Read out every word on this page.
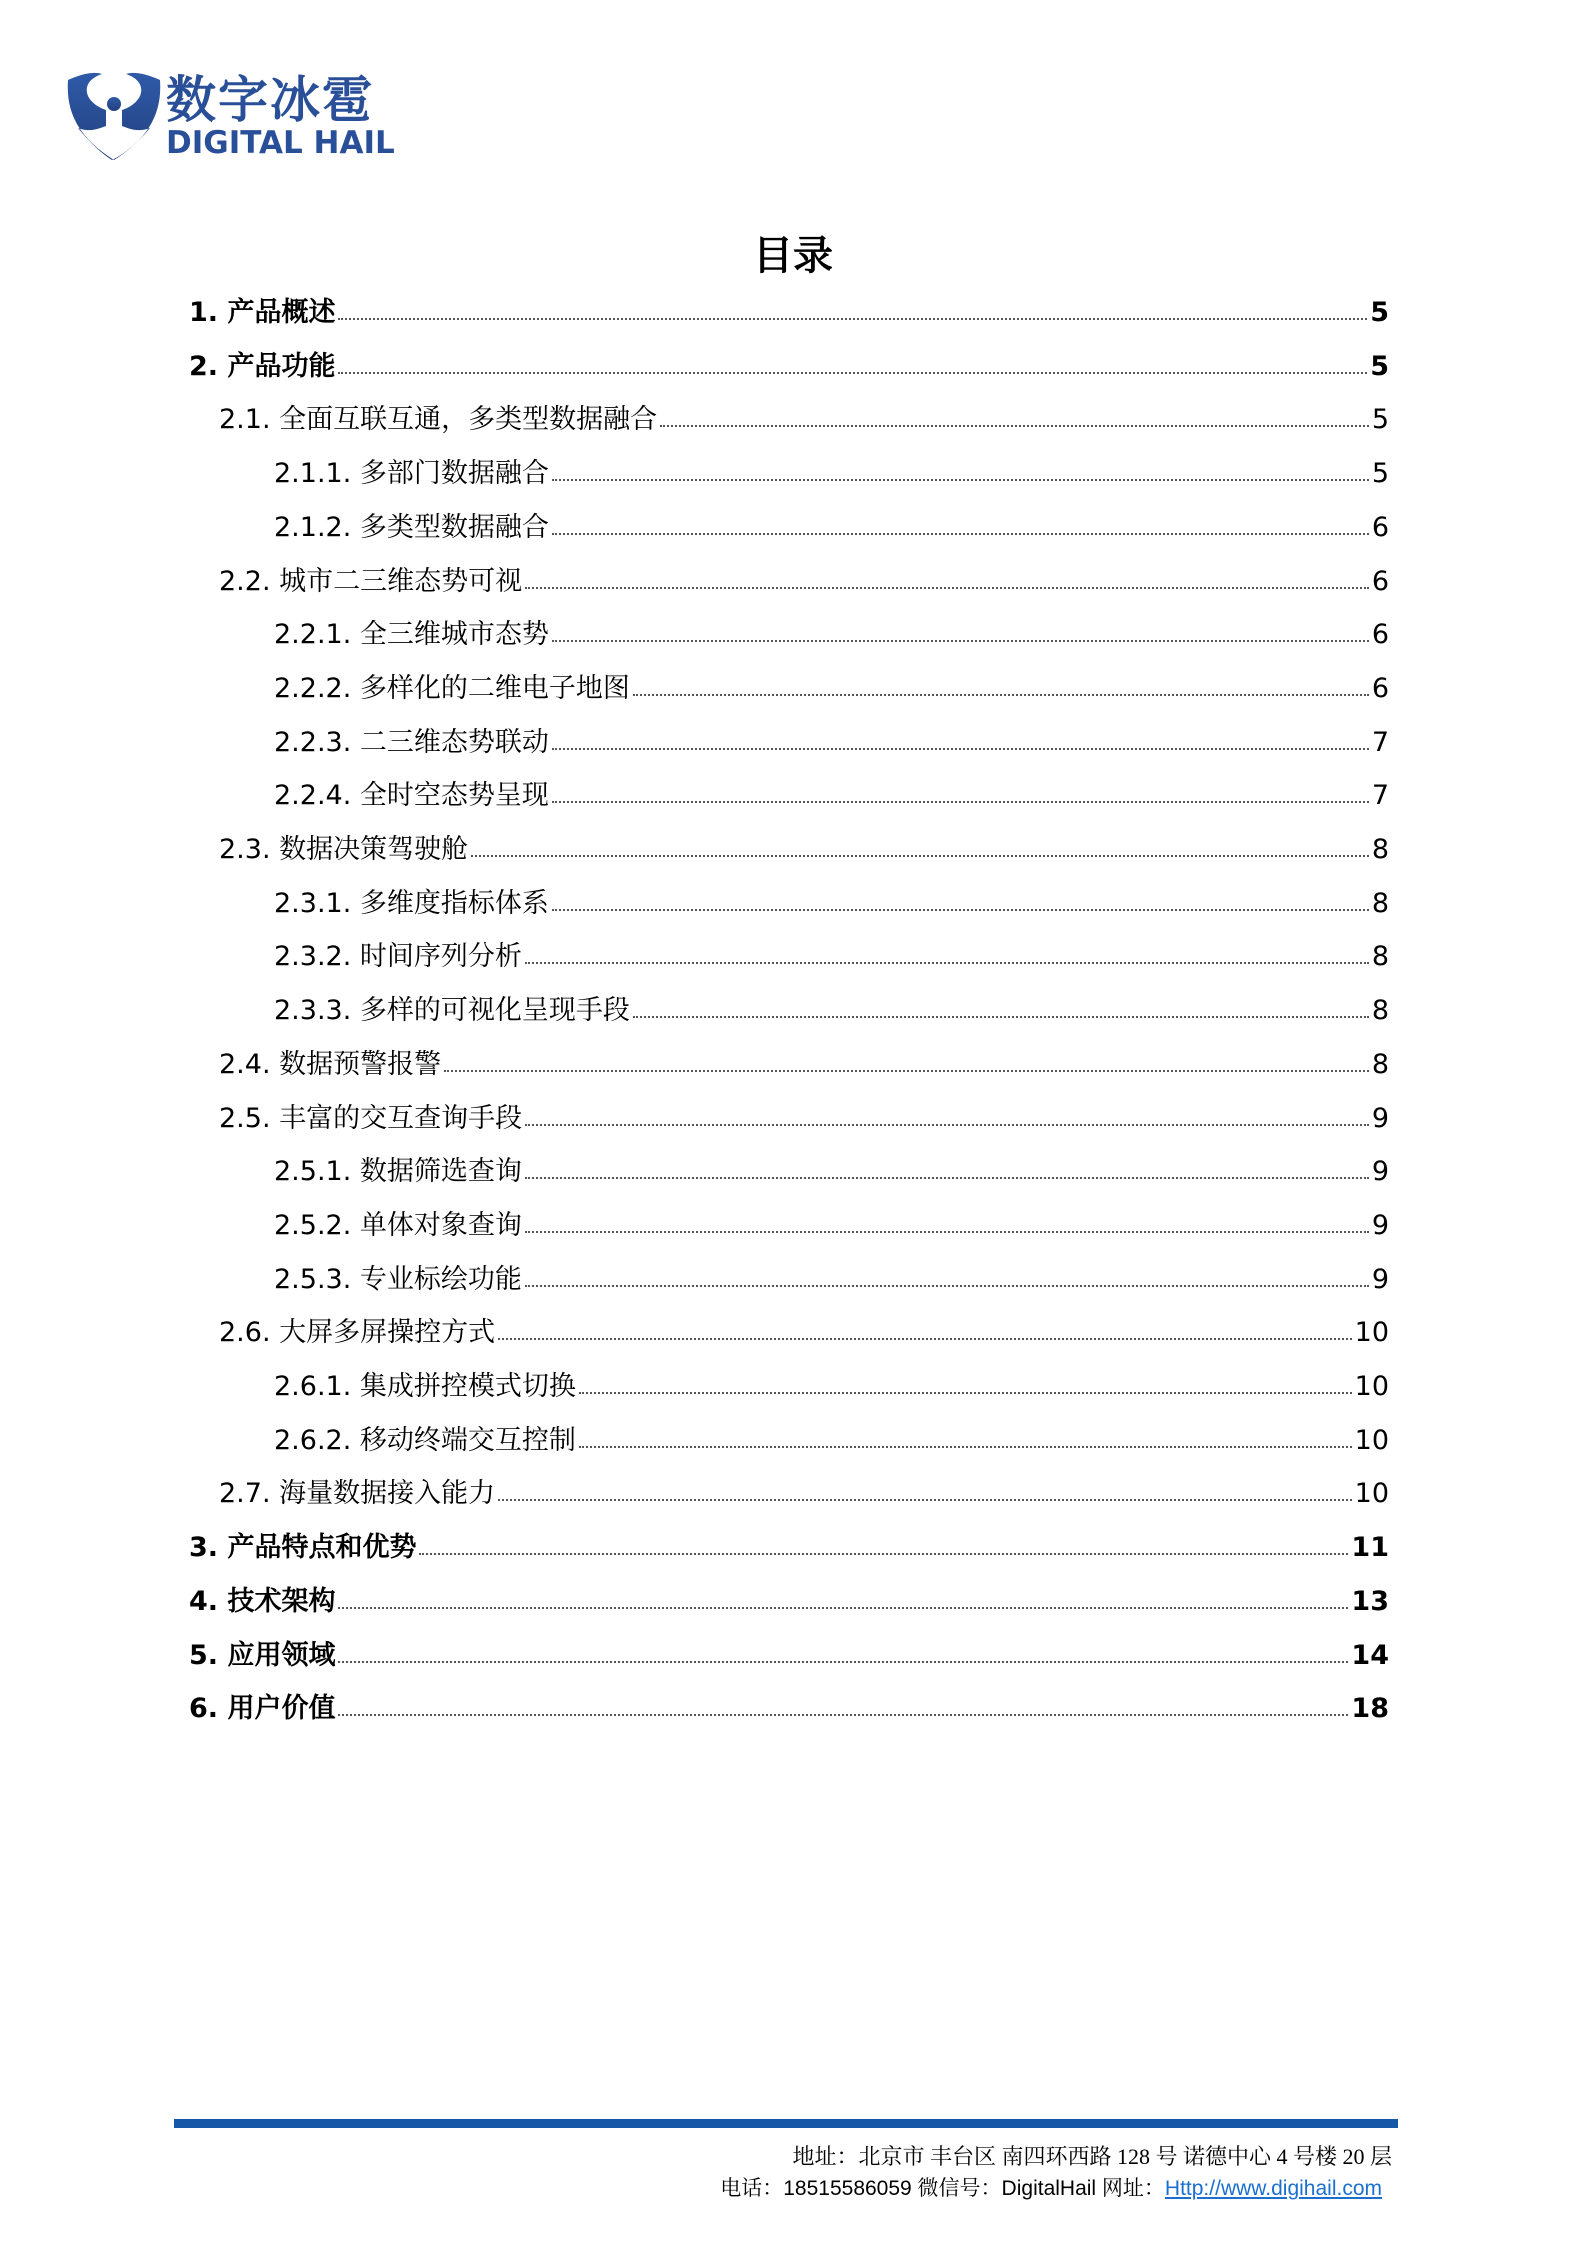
数字冰雹
DIGITAL HAIL
目录
1. 产品概述	5
2. 产品功能	5
2.1. 全面互联互通，多类型数据融合	5
2.1.1. 多部门数据融合	5
2.1.2. 多类型数据融合	6
2.2. 城市二三维态势可视	6
2.2.1. 全三维城市态势	6
2.2.2. 多样化的二维电子地图	6
2.2.3. 二三维态势联动	7
2.2.4. 全时空态势呈现	7
2.3. 数据决策驾驶舱	8
2.3.1. 多维度指标体系	8
2.3.2. 时间序列分析	8
2.3.3. 多样的可视化呈现手段	8
2.4. 数据预警报警	8
2.5. 丰富的交互查询手段	9
2.5.1. 数据筛选查询	9
2.5.2. 单体对象查询	9
2.5.3. 专业标绘功能	9
2.6. 大屏多屏操控方式	10
2.6.1. 集成拼控模式切换	10
2.6.2. 移动终端交互控制	10
2.7. 海量数据接入能力	10
3. 产品特点和优势	11
4. 技术架构	13
5. 应用领域	14
6. 用户价值	18
地址：北京市 丰台区 南四环西路 128 号 诺德中心 4 号楼 20 层
电话：18515586059 微信号：DigitalHail 网址：Http://www.digihail.com
